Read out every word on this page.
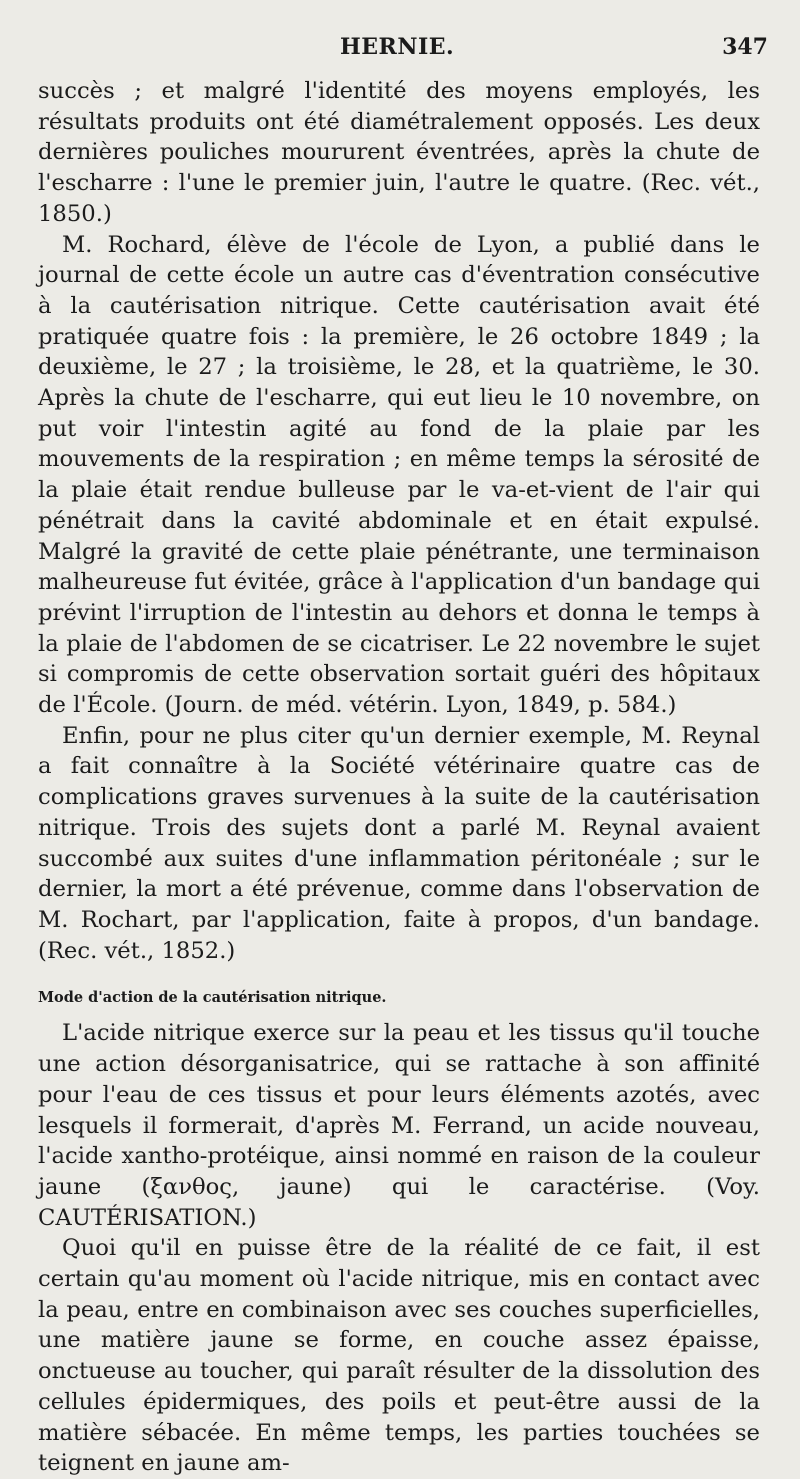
HERNIE.	347

succès ; et malgré l'identité des moyens employés, les résultats produits ont été diamétralement opposés. Les deux dernières pouliches moururent éventrées, après la chute de l'escharre : l'une le premier juin, l'autre le quatre. (Rec. vét., 1850.)

M. Rochard, élève de l'école de Lyon, a publié dans le journal de cette école un autre cas d'éventration consécutive à la cautérisation nitrique. Cette cautérisation avait été pratiquée quatre fois : la première, le 26 octobre 1849 ; la deuxième, le 27 ; la troisième, le 28, et la quatrième, le 30. Après la chute de l'escharre, qui eut lieu le 10 novembre, on put voir l'intestin agité au fond de la plaie par les mouvements de la respiration ; en même temps la sérosité de la plaie était rendue bulleuse par le va-et-vient de l'air qui pénétrait dans la cavité abdominale et en était expulsé. Malgré la gravité de cette plaie pénétrante, une terminaison malheureuse fut évitée, grâce à l'application d'un bandage qui prévint l'irruption de l'intestin au dehors et donna le temps à la plaie de l'abdomen de se cicatriser. Le 22 novembre le sujet si compromis de cette observation sortait guéri des hôpitaux de l'École. (Journ. de méd. vétérin. Lyon, 1849, p. 584.)

Enfin, pour ne plus citer qu'un dernier exemple, M. Reynal a fait connaître à la Société vétérinaire quatre cas de complications graves survenues à la suite de la cautérisation nitrique. Trois des sujets dont a parlé M. Reynal avaient succombé aux suites d'une inflammation péritonéale ; sur le dernier, la mort a été prévenue, comme dans l'observation de M. Rochart, par l'application, faite à propos, d'un bandage. (Rec. vét., 1852.)

Mode d'action de la cautérisation nitrique.

L'acide nitrique exerce sur la peau et les tissus qu'il touche une action désorganisatrice, qui se rattache à son affinité pour l'eau de ces tissus et pour leurs éléments azotés, avec lesquels il formerait, d'après M. Ferrand, un acide nouveau, l'acide xantho-protéique, ainsi nommé en raison de la couleur jaune (ξανθος, jaune) qui le caractérise. (Voy. CAUTÉRISATION.)

Quoi qu'il en puisse être de la réalité de ce fait, il est certain qu'au moment où l'acide nitrique, mis en contact avec la peau, entre en combinaison avec ses couches superficielles, une matière jaune se forme, en couche assez épaisse, onctueuse au toucher, qui paraît résulter de la dissolution des cellules épidermiques, des poils et peut-être aussi de la matière sébacée. En même temps, les parties touchées se teignent en jaune am-
